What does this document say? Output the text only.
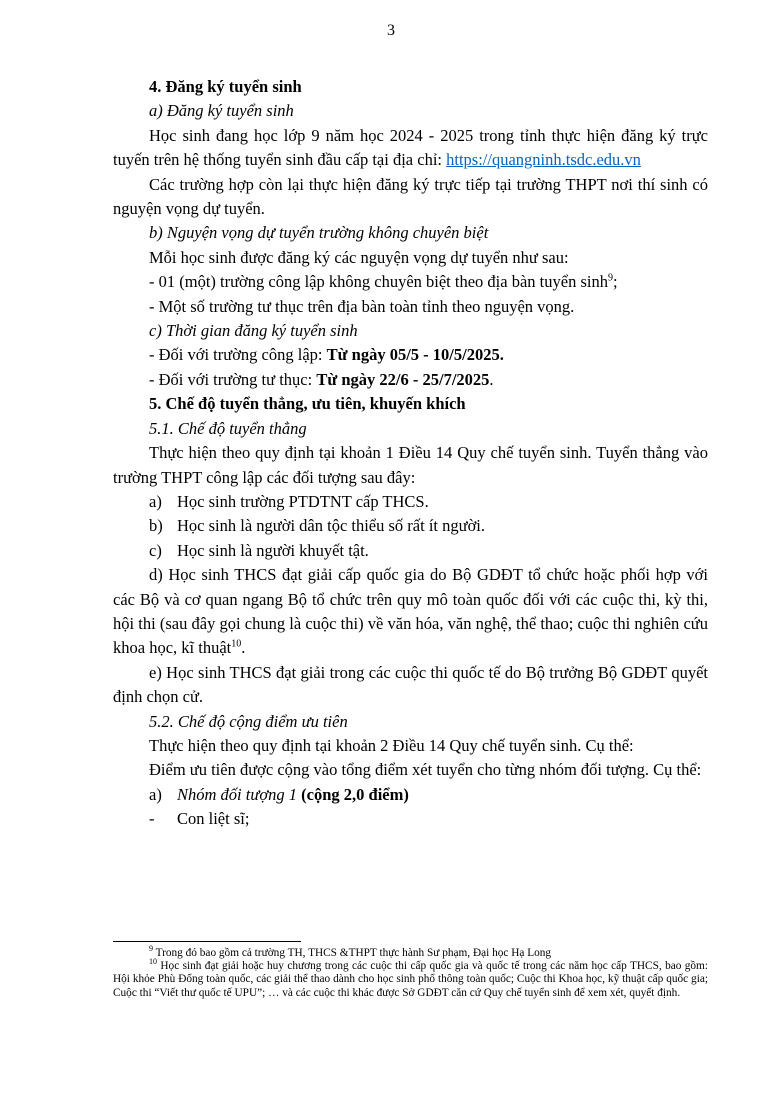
3

4. Đăng ký tuyển sinh

a) Đăng ký tuyển sinh

Học sinh đang học lớp 9 năm học 2024 - 2025 trong tỉnh thực hiện đăng ký trực tuyến trên hệ thống tuyển sinh đầu cấp tại địa chỉ: https://quangninh.tsdc.edu.vn

Các trường hợp còn lại thực hiện đăng ký trực tiếp tại trường THPT nơi thí sinh có nguyện vọng dự tuyển.

b) Nguyện vọng dự tuyển trường không chuyên biệt

Mỗi học sinh được đăng ký các nguyện vọng dự tuyển như sau:

- 01 (một) trường công lập không chuyên biệt theo địa bàn tuyển $\sinh^9$;

- Một số trường tư thục trên địa bàn toàn tỉnh theo nguyện vọng.

c) Thời gian đăng ký tuyển sinh

- Đối với trường công lập: Từ ngày 05/5 - 10/5/2025.

- Đối với trường tư thục: Từ ngày 22/6 - 25/7/2025.

5. Chế độ tuyển thẳng, ưu tiên, khuyến khích

5.1. Chế độ tuyển thẳng

Thực hiện theo quy định tại khoản 1 Điều 14 Quy chế tuyển sinh. Tuyển thẳng vào trường THPT công lập các đối tượng sau đây:

a) Học sinh trường PTDTNT cấp THCS.

b) Học sinh là người dân tộc thiểu số rất ít người.

c) Học sinh là người khuyết tật.

d) Học sinh THCS đạt giải cấp quốc gia do Bộ GDĐT tổ chức hoặc phối hợp với các Bộ và cơ quan ngang Bộ tổ chức trên quy mô toàn quốc đối với các cuộc thi, kỳ thi, hội thi (sau đây gọi chung là cuộc thi) về văn hóa, văn nghệ, thể thao; cuộc thi nghiên cứu khoa học, kĩ thuật$^{10}$.

e) Học sinh THCS đạt giải trong các cuộc thi quốc tế do Bộ trưởng Bộ GDĐT quyết định chọn cử.

5.2. Chế độ cộng điểm ưu tiên

Thực hiện theo quy định tại khoản 2 Điều 14 Quy chế tuyển sinh. Cụ thể:

Điểm ưu tiên được cộng vào tổng điểm xét tuyển cho từng nhóm đối tượng. Cụ thể:

a) Nhóm đối tượng 1 (cộng 2,0 điểm)

- Con liệt sĩ;

$^9$ Trong đó bao gồm cả trường TH, THCS &THPT thực hành Sư phạm, Đại học Hạ Long

$^{10}$ Học sinh đạt giải hoặc huy chương trong các cuộc thi cấp quốc gia và quốc tế trong các năm học cấp THCS, bao gồm: Hội khỏe Phù Đổng toàn quốc, các giải thể thao dành cho học sinh phổ thông toàn quốc; Cuộc thi Khoa học, kỹ thuật cấp quốc gia; Cuộc thi “Viết thư quốc tế UPU”; … và các cuộc thi khác được Sở GDĐT căn cứ Quy chế tuyển sinh để xem xét, quyết định.
